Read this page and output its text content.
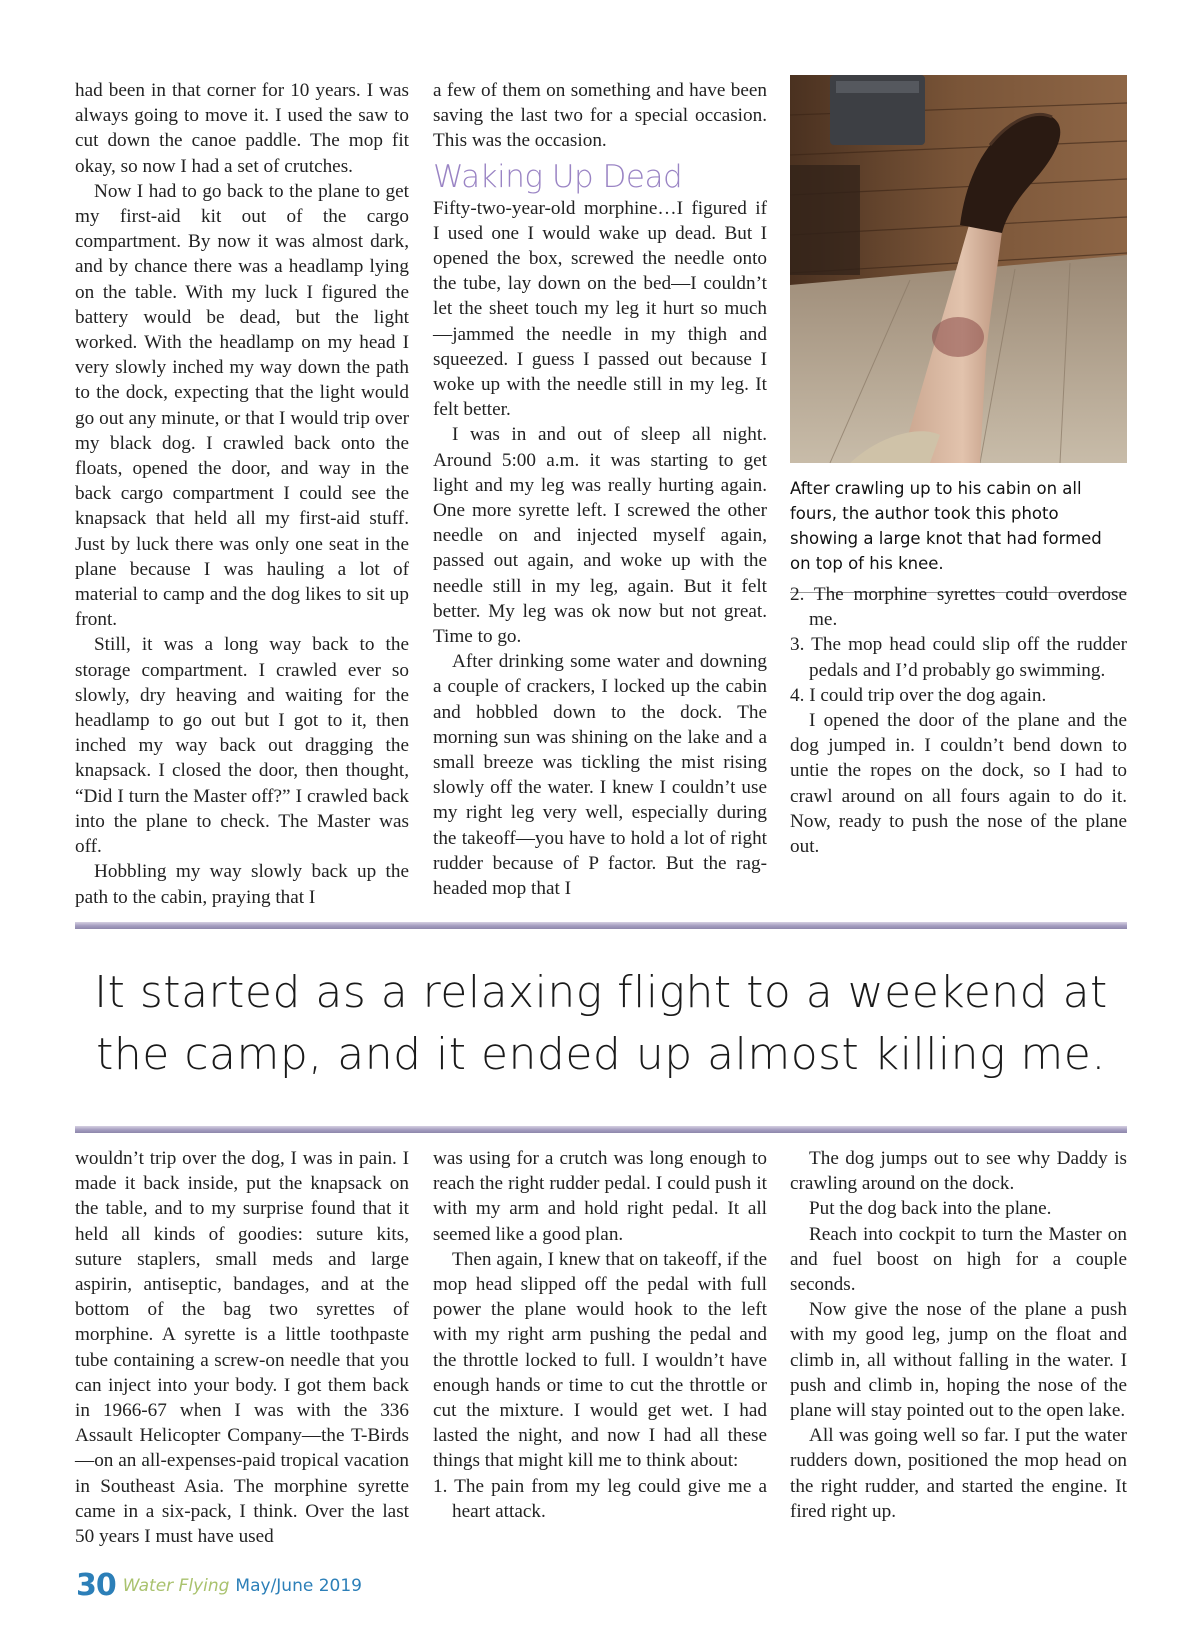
had been in that corner for 10 years. I was always going to move it. I used the saw to cut down the canoe paddle. The mop fit okay, so now I had a set of crutches.

Now I had to go back to the plane to get my first-aid kit out of the cargo compartment. By now it was almost dark, and by chance there was a headlamp lying on the table. With my luck I figured the battery would be dead, but the light worked. With the headlamp on my head I very slowly inched my way down the path to the dock, expecting that the light would go out any minute, or that I would trip over my black dog. I crawled back onto the floats, opened the door, and way in the back cargo compartment I could see the knapsack that held all my first-aid stuff. Just by luck there was only one seat in the plane because I was hauling a lot of material to camp and the dog likes to sit up front.

Still, it was a long way back to the storage compartment. I crawled ever so slowly, dry heaving and waiting for the headlamp to go out but I got to it, then inched my way back out dragging the knapsack. I closed the door, then thought, “Did I turn the Master off?” I crawled back into the plane to check. The Master was off.

Hobbling my way slowly back up the path to the cabin, praying that I

a few of them on something and have been saving the last two for a special occasion. This was the occasion.

Waking Up Dead

Fifty-two-year-old morphine…I figured if I used one I would wake up dead. But I opened the box, screwed the needle onto the tube, lay down on the bed—I couldn’t let the sheet touch my leg it hurt so much—jammed the needle in my thigh and squeezed. I guess I passed out because I woke up with the needle still in my leg. It felt better.

I was in and out of sleep all night. Around 5:00 a.m. it was starting to get light and my leg was really hurting again. One more syrette left. I screwed the other needle on and injected myself again, passed out again, and woke up with the needle still in my leg, again. But it felt better. My leg was ok now but not great. Time to go.

After drinking some water and downing a couple of crackers, I locked up the cabin and hobbled down to the dock. The morning sun was shining on the lake and a small breeze was tickling the mist rising slowly off the water. I knew I couldn’t use my right leg very well, especially during the takeoff—you have to hold a lot of right rudder because of P factor. But the rag-headed mop that I

After crawling up to his cabin on all fours, the author took this photo showing a large knot that had formed on top of his knee.
2. The morphine syrettes could overdose me.
3. The mop head could slip off the rudder pedals and I’d probably go swimming.
4. I could trip over the dog again.

I opened the door of the plane and the dog jumped in. I couldn’t bend down to untie the ropes on the dock, so I had to crawl around on all fours again to do it. Now, ready to push the nose of the plane out.

It started as a relaxing flight to a weekend at
the camp, and it ended up almost killing me.

wouldn’t trip over the dog, I was in pain. I made it back inside, put the knapsack on the table, and to my surprise found that it held all kinds of goodies: suture kits, suture staplers, small meds and large aspirin, antiseptic, bandages, and at the bottom of the bag two syrettes of morphine. A syrette is a little toothpaste tube containing a screw-on needle that you can inject into your body. I got them back in 1966-67 when I was with the 336 Assault Helicopter Company—the T-Birds—on an all-expenses-paid tropical vacation in Southeast Asia. The morphine syrette came in a six-pack, I think. Over the last 50 years I must have used

was using for a crutch was long enough to reach the right rudder pedal. I could push it with my arm and hold right pedal. It all seemed like a good plan.

Then again, I knew that on takeoff, if the mop head slipped off the pedal with full power the plane would hook to the left with my right arm pushing the pedal and the throttle locked to full. I wouldn’t have enough hands or time to cut the throttle or cut the mixture. I would get wet. I had lasted the night, and now I had all these things that might kill me to think about:

1. The pain from my leg could give me a heart attack.

The dog jumps out to see why Daddy is crawling around on the dock.

Put the dog back into the plane.

Reach into cockpit to turn the Master on and fuel boost on high for a couple seconds.

Now give the nose of the plane a push with my good leg, jump on the float and climb in, all without falling in the water. I push and climb in, hoping the nose of the plane will stay pointed out to the open lake.

All was going well so far. I put the water rudders down, positioned the mop head on the right rudder, and started the engine. It fired right up.

30 Water Flying May/June 2019
